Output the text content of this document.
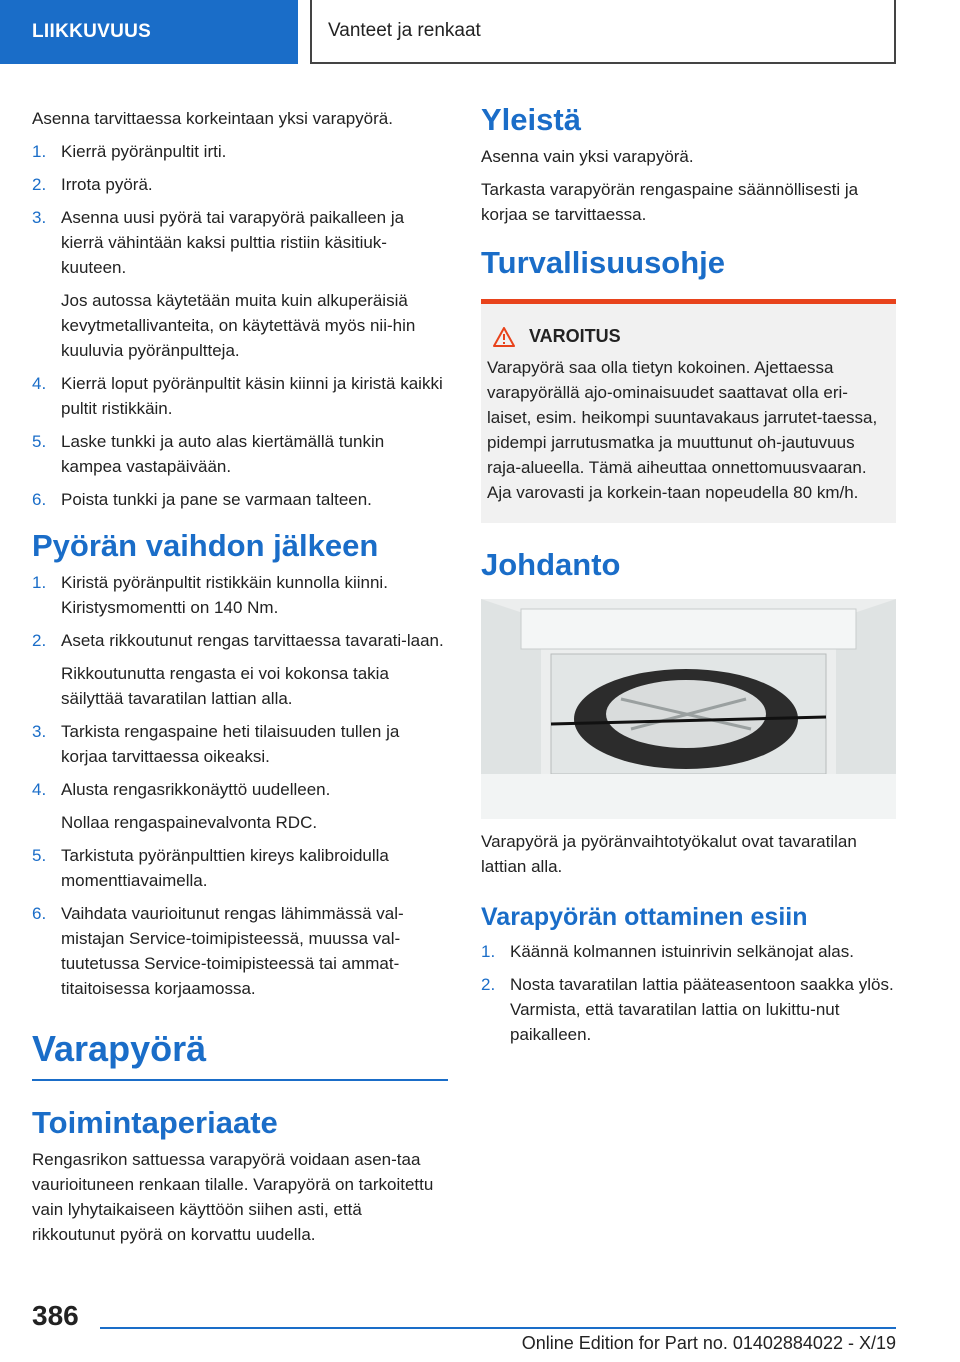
LIIKKUVUUS	Vanteet ja renkaat

Asenna tarvittaessa korkeintaan yksi varapyörä.

1. Kierrä pyöränpultit irti.
2. Irrota pyörä.
3. Asenna uusi pyörä tai varapyörä paikalleen ja kierrä vähintään kaksi pulttia ristiin käsitiuk-kuuteen.
Jos autossa käytetään muita kuin alkuperäisiä kevytmetallivanteita, on käytettävä myös nii-hin kuuluvia pyöränpultteja.
4. Kierrä loput pyöränpultit käsin kiinni ja kiristä kaikki pultit ristikkäin.
5. Laske tunkki ja auto alas kiertämällä tunkin kampea vastapäivään.
6. Poista tunkki ja pane se varmaan talteen.
Pyörän vaihdon jälkeen
1. Kiristä pyöränpultit ristikkäin kunnolla kiinni. Kiristysmomentti on 140 Nm.
2. Aseta rikkoutunut rengas tarvittaessa tavarati-laan.
Rikkoutunutta rengasta ei voi kokonsa takia säilyttää tavaratilan lattian alla.
3. Tarkista rengaspaine heti tilaisuuden tullen ja korjaa tarvittaessa oikeaksi.
4. Alusta rengasrikkonäyttö uudelleen.
Nollaa rengaspainevalvonta RDC.
5. Tarkistuta pyöränpulttien kireys kalibroidulla momenttiavaimella.
6. Vaihdata vaurioitunut rengas lähimmässä val-mistajan Service-toimipisteessä, muussa val-tuutetussa Service-toimipisteessä tai ammat-titaitoisessa korjaamossa.
Varapyörä
Toimintaperiaate

Rengasrikon sattuessa varapyörä voidaan asen-taa vaurioituneen renkaan tilalle. Varapyörä on tarkoitettu vain lyhytaikaiseen käyttöön siihen asti, että rikkoutunut pyörä on korvattu uudella.

Yleistä

Asenna vain yksi varapyörä.

Tarkasta varapyörän rengaspaine säännöllisesti ja korjaa se tarvittaessa.

Turvallisuusohje
VAROITUS
Varapyörä saa olla tietyn kokoinen. Ajettaessa varapyörällä ajo-ominaisuudet saattavat olla eri-laiset, esim. heikompi suuntavakaus jarrutet-taessa, pidempi jarrutusmatka ja muuttunut oh-jautuvuus raja-alueella. Tämä aiheuttaa onnettomuusvaaran. Aja varovasti ja korkein-taan nopeudella 80 km/h.
Johdanto

Varapyörä ja pyöränvaihtotyökalut ovat tavaratilan lattian alla.

Varapyörän ottaminen esiin
1. Käännä kolmannen istuinrivin selkänojat alas.
2. Nosta tavaratilan lattia pääteasentoon saakka ylös. Varmista, että tavaratilan lattia on lukittu-nut paikalleen.
386
Online Edition for Part no. 01402884022 - X/19
